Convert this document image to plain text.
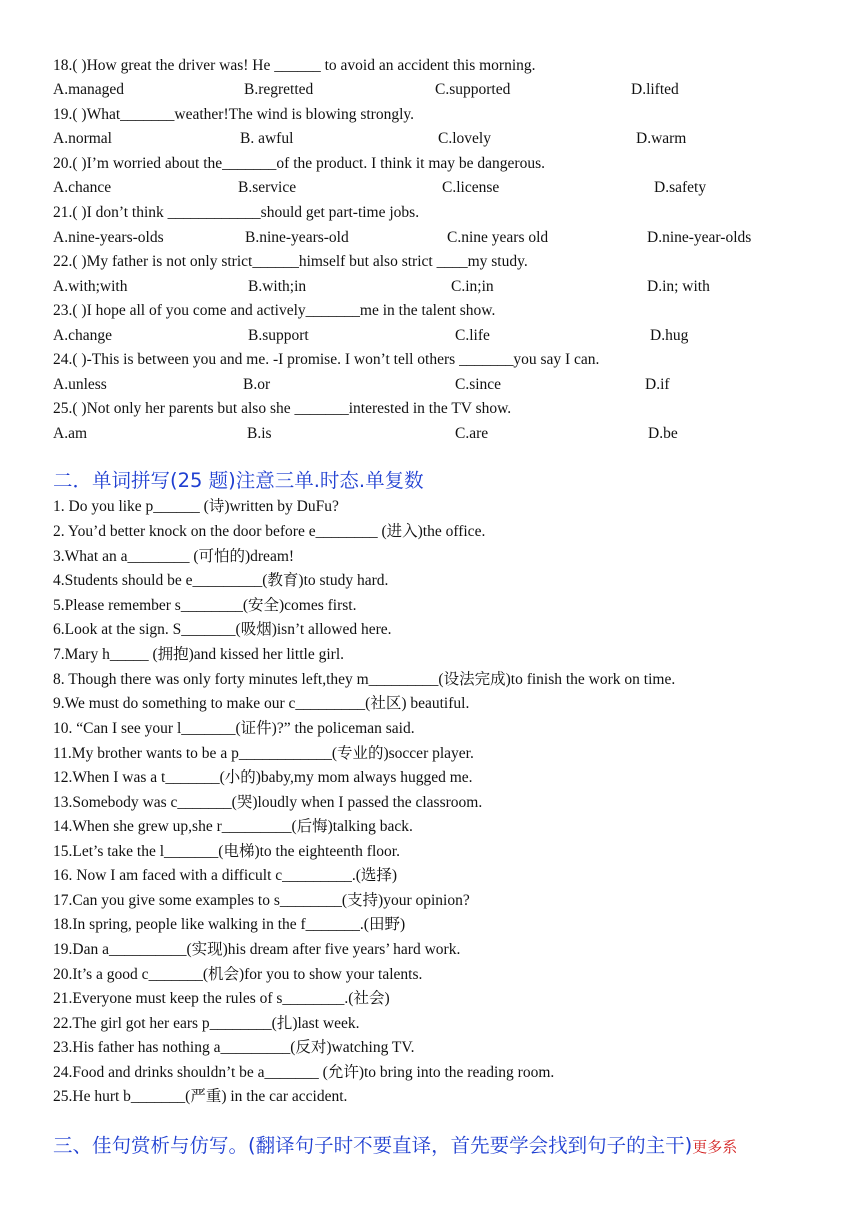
18.( )How great the driver was! He ______ to avoid an accident this morning.
A.managed	B.regretted	C.supported	D.lifted
19.( )What_______weather!The wind is blowing strongly.
A.normal	B. awful	C.lovely	D.warm
20.( )I’m worried about the_______of the product. I think it may be dangerous.
A.chance	B.service	C.license	D.safety
21.( )I don’t think ____________should get part-time jobs.
A.nine-years-olds	B.nine-years-old	C.nine years old	D.nine-year-olds
22.( )My father is not only strict______himself but also strict ____my study.
A.with;with	B.with;in	C.in;in	D.in; with
23.( )I hope all of you come and actively_______me in the talent show.
A.change	B.support	C.life	D.hug
24.( )-This is between you and me. -I promise. I won’t tell others _______you say I can.
A.unless	B.or	C.since	D.if
25.( )Not only her parents but also she _______interested in the TV show.
A.am	B.is	C.are	D.be
二．单词拼写(25 题)注意三单.时态.单复数
1. Do you like p______ (诗)written by DuFu?
2. You’d better knock on the door before e________ (进入)the office.
3.What an a________ (可怕的)dream!
4.Students should be e_________(教育)to study hard.
5.Please remember s________(安全)comes first.
6.Look at the sign. S_______(吸烟)isn’t allowed here.
7.Mary h_____ (拥抱)and kissed her little girl.
8. Though there was only forty minutes left,they m_________(设法完成)to finish the work on time.
9.We must do something to make our c_________(社区) beautiful.
10. “Can I see your l_______(证件)?” the policeman said.
11.My brother wants to be a p____________(专业的)soccer player.
12.When I was a t_______(小的)baby,my mom always hugged me.
13.Somebody was c_______(哭)loudly when I passed the classroom.
14.When she grew up,she r_________(后悔)talking back.
15.Let’s take the l_______(电梯)to the eighteenth floor.
16. Now I am faced with a difficult c_________.(选择)
17.Can you give some examples to s________(支持)your opinion?
18.In spring, people like walking in the f_______.(田野)
19.Dan a__________(实现)his dream after five years’ hard work.
20.It’s a good c_______(机会)for you to show your talents.
21.Everyone must keep the rules of s________.(社会)
22.The girl got her ears p________(扎)last week.
23.His father has nothing a_________(反对)watching TV.
24.Food and drinks shouldn’t be a_______ (允许)to bring into the reading room.
25.He hurt b_______(严重) in the car accident.
三、佳句赏析与仿写。(翻译句子时不要直译，首先要学会找到句子的主干)更多系
